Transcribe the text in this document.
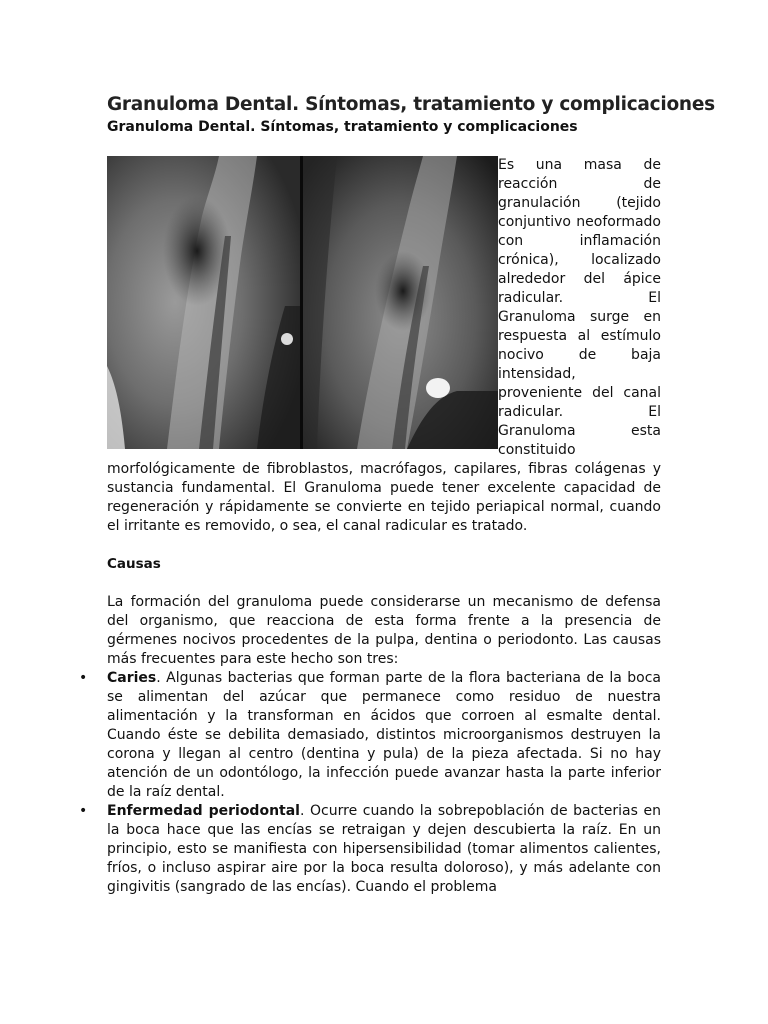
Granuloma Dental. Síntomas, tratamiento y complicaciones
Granuloma Dental. Síntomas, tratamiento y complicaciones

Es una masa de reacción de granulación (tejido conjuntivo neoformado con inflamación crónica), localizado alrededor del ápice radicular. El Granuloma surge en respuesta al estímulo nocivo de baja intensidad, proveniente del canal radicular. El Granuloma esta constituido morfológicamente de fibroblastos, macrófagos, capilares, fibras colágenas y sustancia fundamental. El Granuloma puede tener excelente capacidad de regeneración y rápidamente se convierte en tejido periapical normal, cuando el irritante es removido, o sea, el canal radicular es tratado.

Causas

La formación del granuloma puede considerarse un mecanismo de defensa del organismo, que reacciona de esta forma frente a la presencia de gérmenes nocivos procedentes de la pulpa, dentina o periodonto. Las causas más frecuentes para este hecho son tres:

• Caries. Algunas bacterias que forman parte de la flora bacteriana de la boca se alimentan del azúcar que permanece como residuo de nuestra alimentación y la transforman en ácidos que corroen al esmalte dental. Cuando éste se debilita demasiado, distintos microorganismos destruyen la corona y llegan al centro (dentina y pula) de la pieza afectada. Si no hay atención de un odontólogo, la infección puede avanzar hasta la parte inferior de la raíz dental.
• Enfermedad periodontal. Ocurre cuando la sobrepoblación de bacterias en la boca hace que las encías se retraigan y dejen descubierta la raíz. En un principio, esto se manifiesta con hipersensibilidad (tomar alimentos calientes, fríos, o incluso aspirar aire por la boca resulta doloroso), y más adelante con gingivitis (sangrado de las encías). Cuando el problema
